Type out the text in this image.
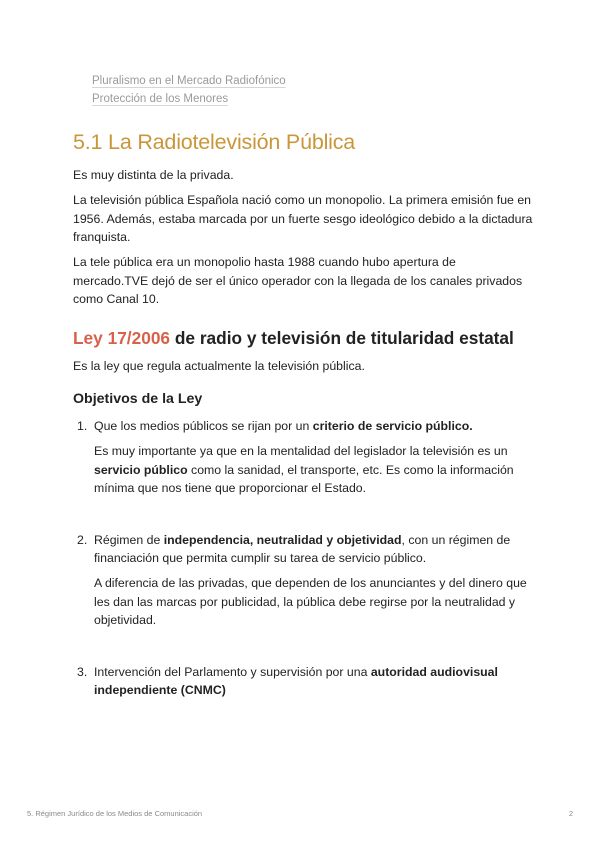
Pluralismo en el Mercado Radiofónico
Protección de los Menores
5.1 La Radiotelevisión Pública

Es muy distinta de la privada.

La televisión pública Española nació como un monopolio. La primera emisión fue en 1956. Además, estaba marcada por un fuerte sesgo ideológico debido a la dictadura franquista.

La tele pública era un monopolio hasta 1988 cuando hubo apertura de mercado.TVE dejó de ser el único operador con la llegada de los canales privados como Canal 10.

Ley 17/2006 de radio y televisión de titularidad estatal

Es la ley que regula actualmente la televisión pública.

Objetivos de la Ley
1. Que los medios públicos se rijan por un criterio de servicio público.

Es muy importante ya que en la mentalidad del legislador la televisión es un servicio público como la sanidad, el transporte, etc. Es como la información mínima que nos tiene que proporcionar el Estado.

2. Régimen de independencia, neutralidad y objetividad, con un régimen de financiación que permita cumplir su tarea de servicio público.

A diferencia de las privadas, que dependen de los anunciantes y del dinero que les dan las marcas por publicidad, la pública debe regirse por la neutralidad y objetividad.

3. Intervención del Parlamento y supervisión por una autoridad audiovisual independiente (CNMC)

5. Régimen Jurídico de los Medios de Comunicación	2
